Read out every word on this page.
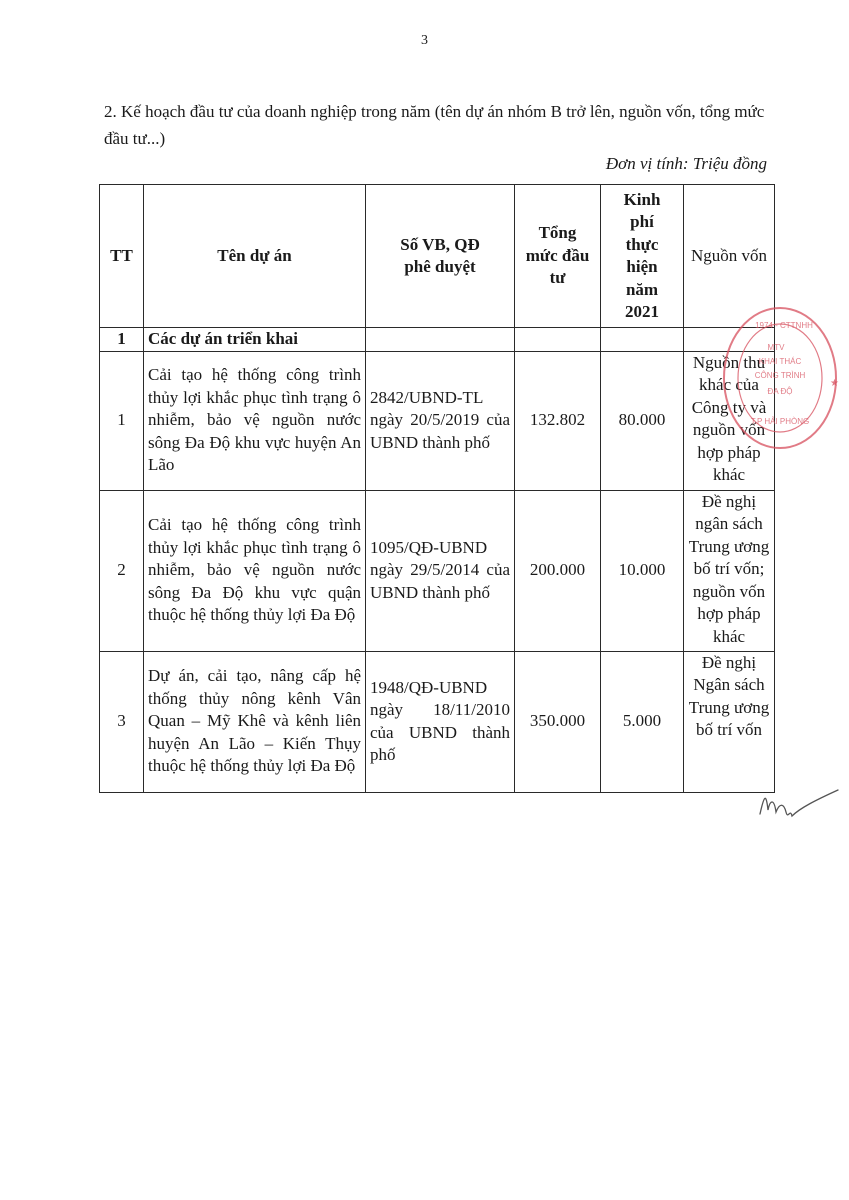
3
2. Kế hoạch đầu tư của doanh nghiệp trong năm (tên dự án nhóm B trở lên, nguồn vốn, tổng mức đầu tư...)
Đơn vị tính: Triệu đồng
TT	Tên dự án	Số VB, QĐ phê duyệt	Tổng mức đầu tư	Kinh phí thực hiện năm 2021	Nguồn vốn
1	Các dự án triển khai				
1	Cải tạo hệ thống công trình thủy lợi khắc phục tình trạng ô nhiễm, bảo vệ nguồn nước sông Đa Độ khu vực huyện An Lão	2842/UBND-TL ngày 20/5/2019 của UBND thành phố	132.802	80.000	Nguồn thu khác của Công ty và nguồn vốn hợp pháp khác
2	Cải tạo hệ thống công trình thủy lợi khắc phục tình trạng ô nhiễm, bảo vệ nguồn nước sông Đa Độ khu vực quận thuộc hệ thống thủy lợi Đa Độ	1095/QĐ-UBND ngày 29/5/2014 của UBND thành phố	200.000	10.000	Đề nghị ngân sách Trung ương bố trí vốn; nguồn vốn hợp pháp khác
3	Dự án, cải tạo, nâng cấp hệ thống thủy nông kênh Vân Quan – Mỹ Khê và kênh liên huyện An Lão – Kiến Thụy thuộc hệ thống thủy lợi Đa Độ	1948/QĐ-UBND ngày 18/11/2010 của UBND thành phố	350.000	5.000	Đề nghị Ngân sách Trung ương bố trí vốn
1974 - CTTNHH
MTV
KHAI THÁC
CÔNG TRÌNH
ĐA ĐỘ
T.P HẢI PHÒNG
★
